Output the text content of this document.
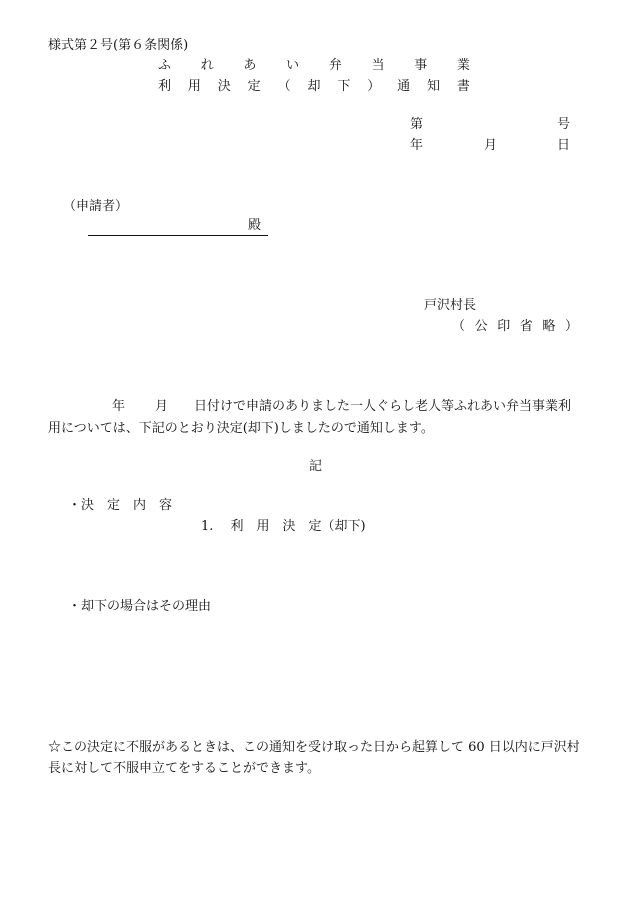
様式第２号(第６条関係)
ふ れ あ い 弁 当 事 業
利 用 決 定 （ 却 下 ） 通 知 書
第	号
年	月	日
（申請者）
殿
戸沢村長
（ 公 印 省 略 ）
年 月 日付けで申請のありました一人ぐらし老人等ふれあい弁当事業利
用については、下記のとおり決定(却下)しましたので通知します。
記
・決　定　内　容
1.　 利　用　決　定（却下)
・却下の場合はその理由
☆この決定に不服があるときは、この通知を受け取った日から起算して 60 日以内に戸沢村
長に対して不服申立てをすることができます。
